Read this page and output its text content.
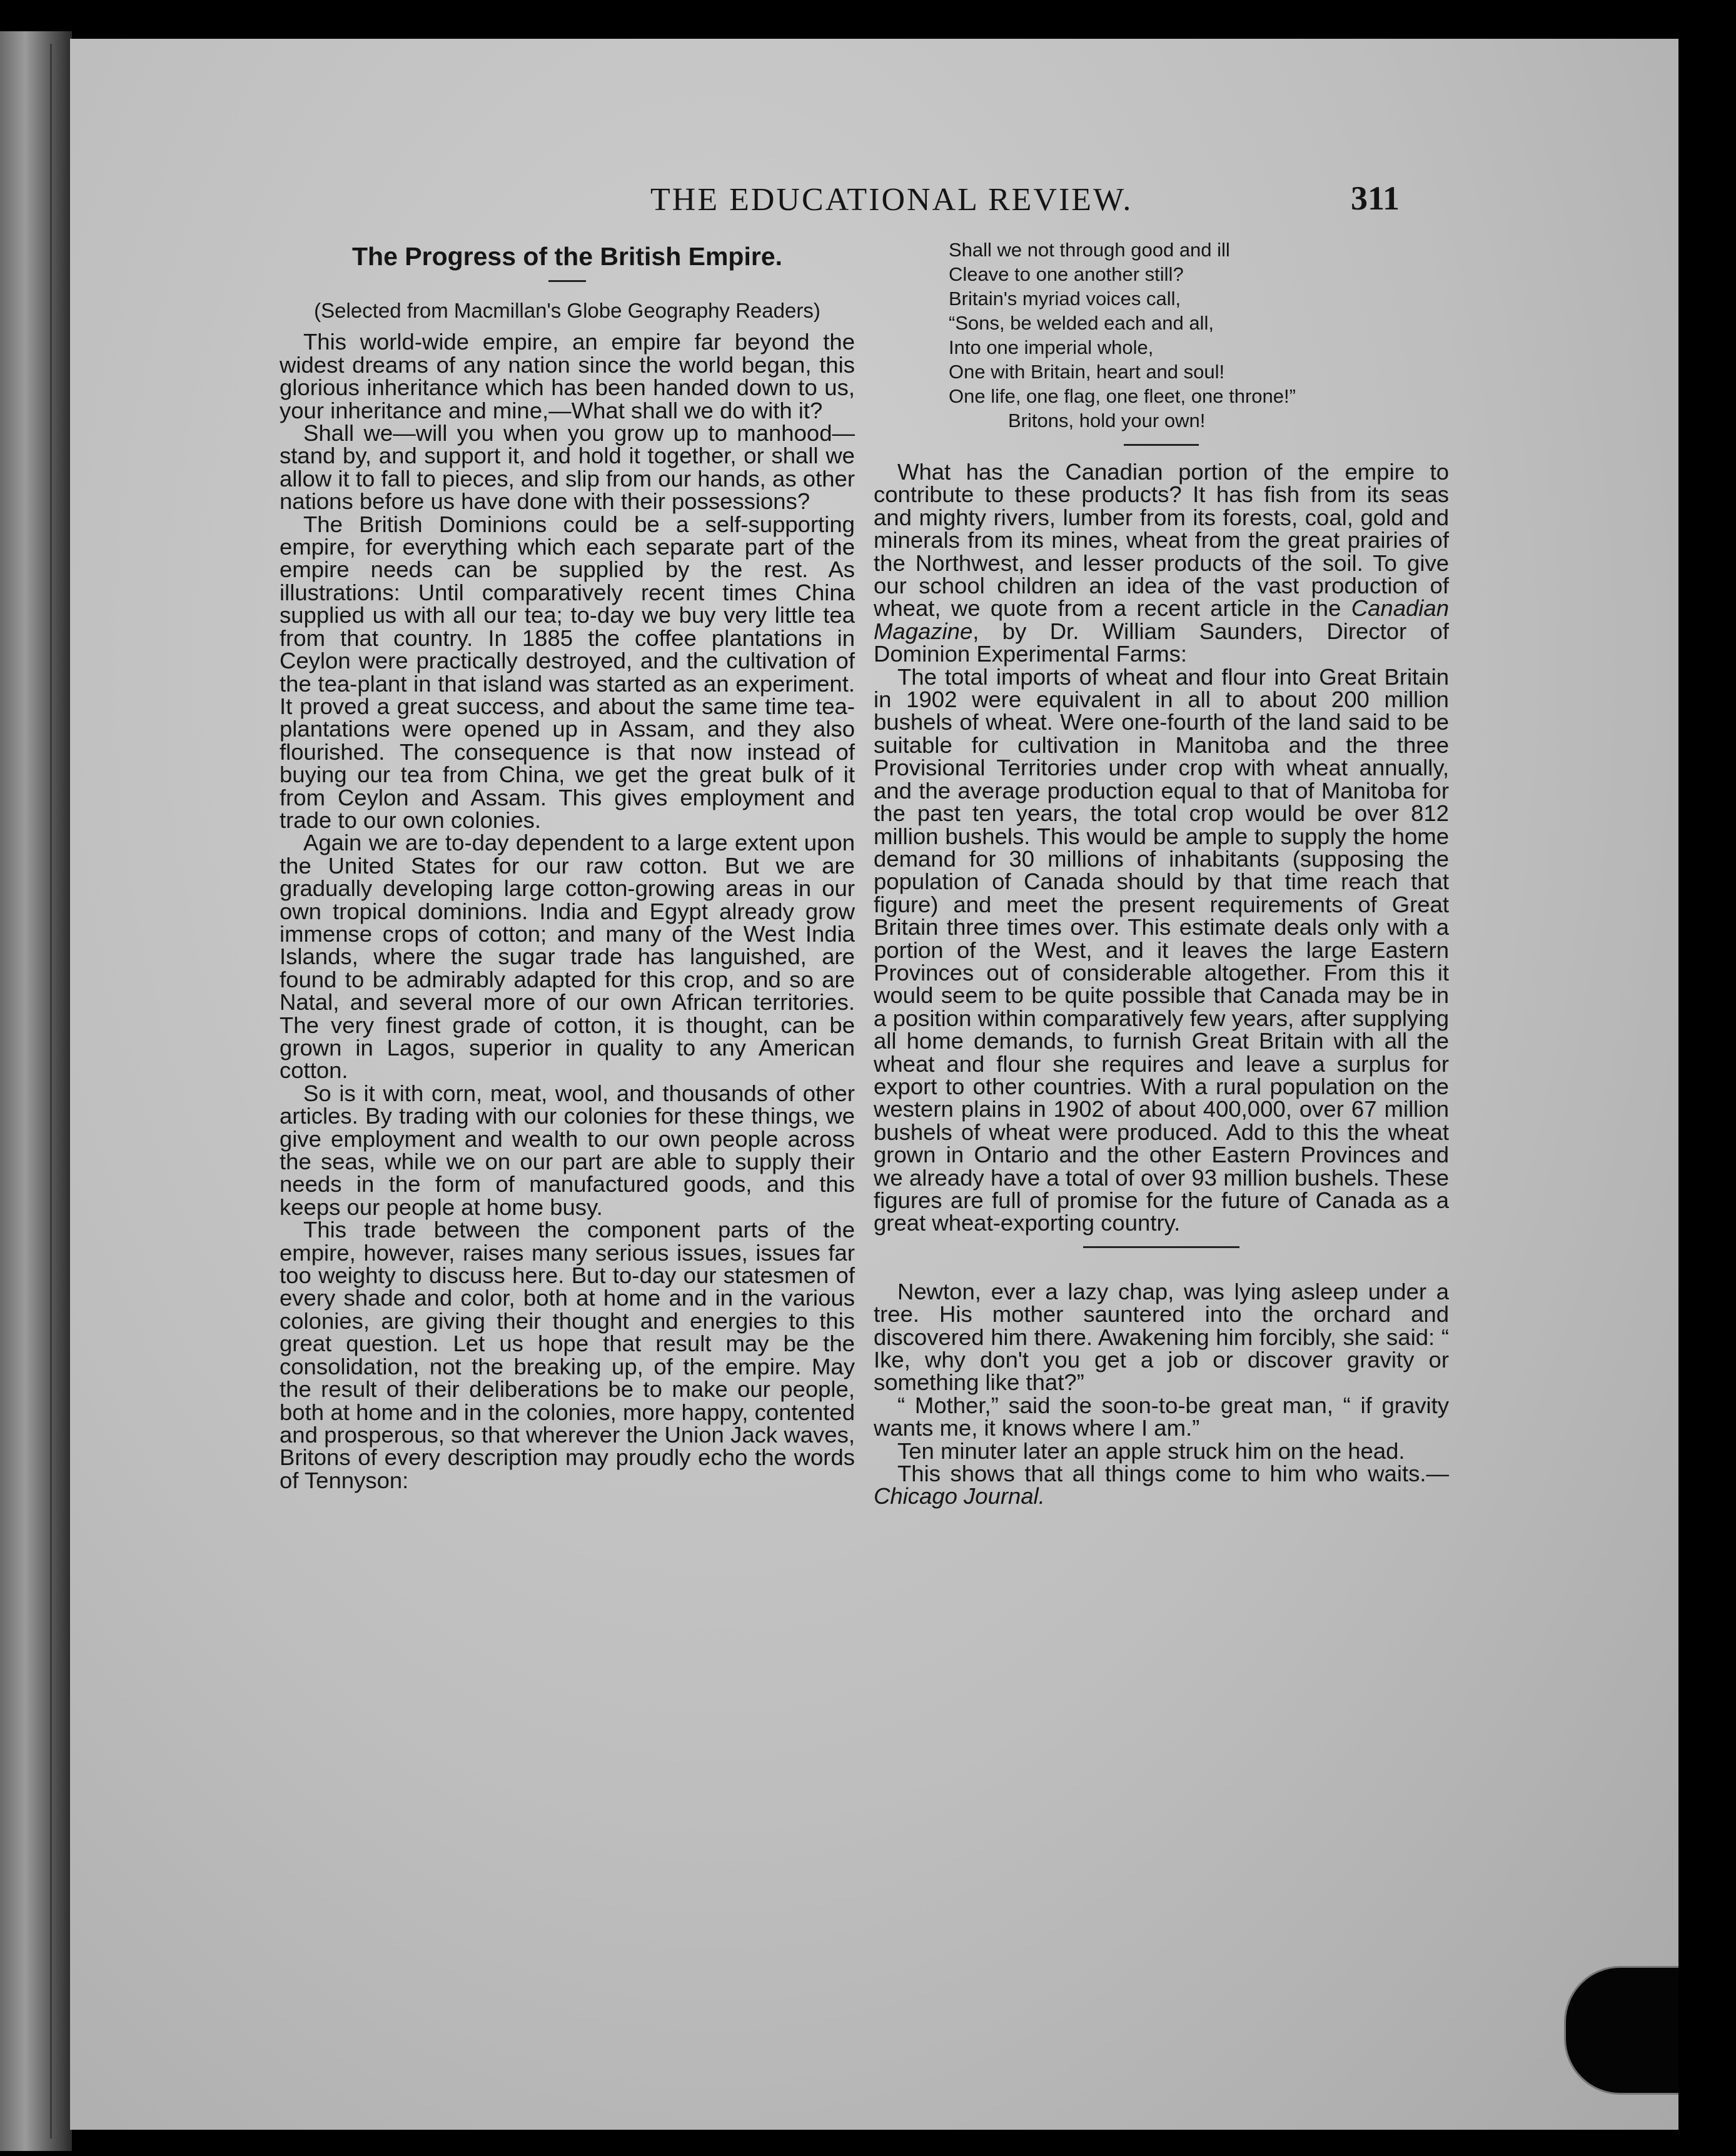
THE EDUCATIONAL REVIEW.	311
The Progress of the British Empire.
(Selected from Macmillan's Globe Geography Readers)

This world-wide empire, an empire far beyond the widest dreams of any nation since the world began, this glorious inheritance which has been handed down to us, your inheritance and mine,—What shall we do with it?

Shall we—will you when you grow up to manhood—stand by, and support it, and hold it together, or shall we allow it to fall to pieces, and slip from our hands, as other nations before us have done with their possessions?

The British Dominions could be a self-supporting empire, for everything which each separate part of the empire needs can be supplied by the rest. As illustrations: Until comparatively recent times China supplied us with all our tea; to-day we buy very little tea from that country. In 1885 the coffee plantations in Ceylon were practically destroyed, and the cultivation of the tea-plant in that island was started as an experiment. It proved a great success, and about the same time tea-plantations were opened up in Assam, and they also flourished. The consequence is that now instead of buying our tea from China, we get the great bulk of it from Ceylon and Assam. This gives employment and trade to our own colonies.

Again we are to-day dependent to a large extent upon the United States for our raw cotton. But we are gradually developing large cotton-growing areas in our own tropical dominions. India and Egypt already grow immense crops of cotton; and many of the West India Islands, where the sugar trade has languished, are found to be admirably adapted for this crop, and so are Natal, and several more of our own African territories. The very finest grade of cotton, it is thought, can be grown in Lagos, superior in quality to any American cotton.

So is it with corn, meat, wool, and thousands of other articles. By trading with our colonies for these things, we give employment and wealth to our own people across the seas, while we on our part are able to supply their needs in the form of manufactured goods, and this keeps our people at home busy.

This trade between the component parts of the empire, however, raises many serious issues, issues far too weighty to discuss here. But to-day our statesmen of every shade and color, both at home and in the various colonies, are giving their thought and energies to this great question. Let us hope that result may be the consolidation, not the breaking up, of the empire. May the result of their deliberations be to make our people, both at home and in the colonies, more happy, contented and prosperous, so that wherever the Union Jack waves, Britons of every description may proudly echo the words of Tennyson:

Shall we not through good and ill
Cleave to one another still?
Britain's myriad voices call,
“Sons, be welded each and all,
Into one imperial whole,
One with Britain, heart and soul!
One life, one flag, one fleet, one throne!”
Britons, hold your own!

What has the Canadian portion of the empire to contribute to these products? It has fish from its seas and mighty rivers, lumber from its forests, coal, gold and minerals from its mines, wheat from the great prairies of the Northwest, and lesser products of the soil. To give our school children an idea of the vast production of wheat, we quote from a recent article in the Canadian Magazine, by Dr. William Saunders, Director of Dominion Experimental Farms:

The total imports of wheat and flour into Great Britain in 1902 were equivalent in all to about 200 million bushels of wheat. Were one-fourth of the land said to be suitable for cultivation in Manitoba and the three Provisional Territories under crop with wheat annually, and the average production equal to that of Manitoba for the past ten years, the total crop would be over 812 million bushels. This would be ample to supply the home demand for 30 millions of inhabitants (supposing the population of Canada should by that time reach that figure) and meet the present requirements of Great Britain three times over. This estimate deals only with a portion of the West, and it leaves the large Eastern Provinces out of considerable altogether. From this it would seem to be quite possible that Canada may be in a position within comparatively few years, after supplying all home demands, to furnish Great Britain with all the wheat and flour she requires and leave a surplus for export to other countries. With a rural population on the western plains in 1902 of about 400,000, over 67 million bushels of wheat were produced. Add to this the wheat grown in Ontario and the other Eastern Provinces and we already have a total of over 93 million bushels. These figures are full of promise for the future of Canada as a great wheat-exporting country.

Newton, ever a lazy chap, was lying asleep under a tree. His mother sauntered into the orchard and discovered him there. Awakening him forcibly, she said: “ Ike, why don't you get a job or discover gravity or something like that?”

“ Mother,” said the soon-to-be great man, “ if gravity wants me, it knows where I am.”

Ten minuter later an apple struck him on the head.

This shows that all things come to him who waits.—Chicago Journal.
